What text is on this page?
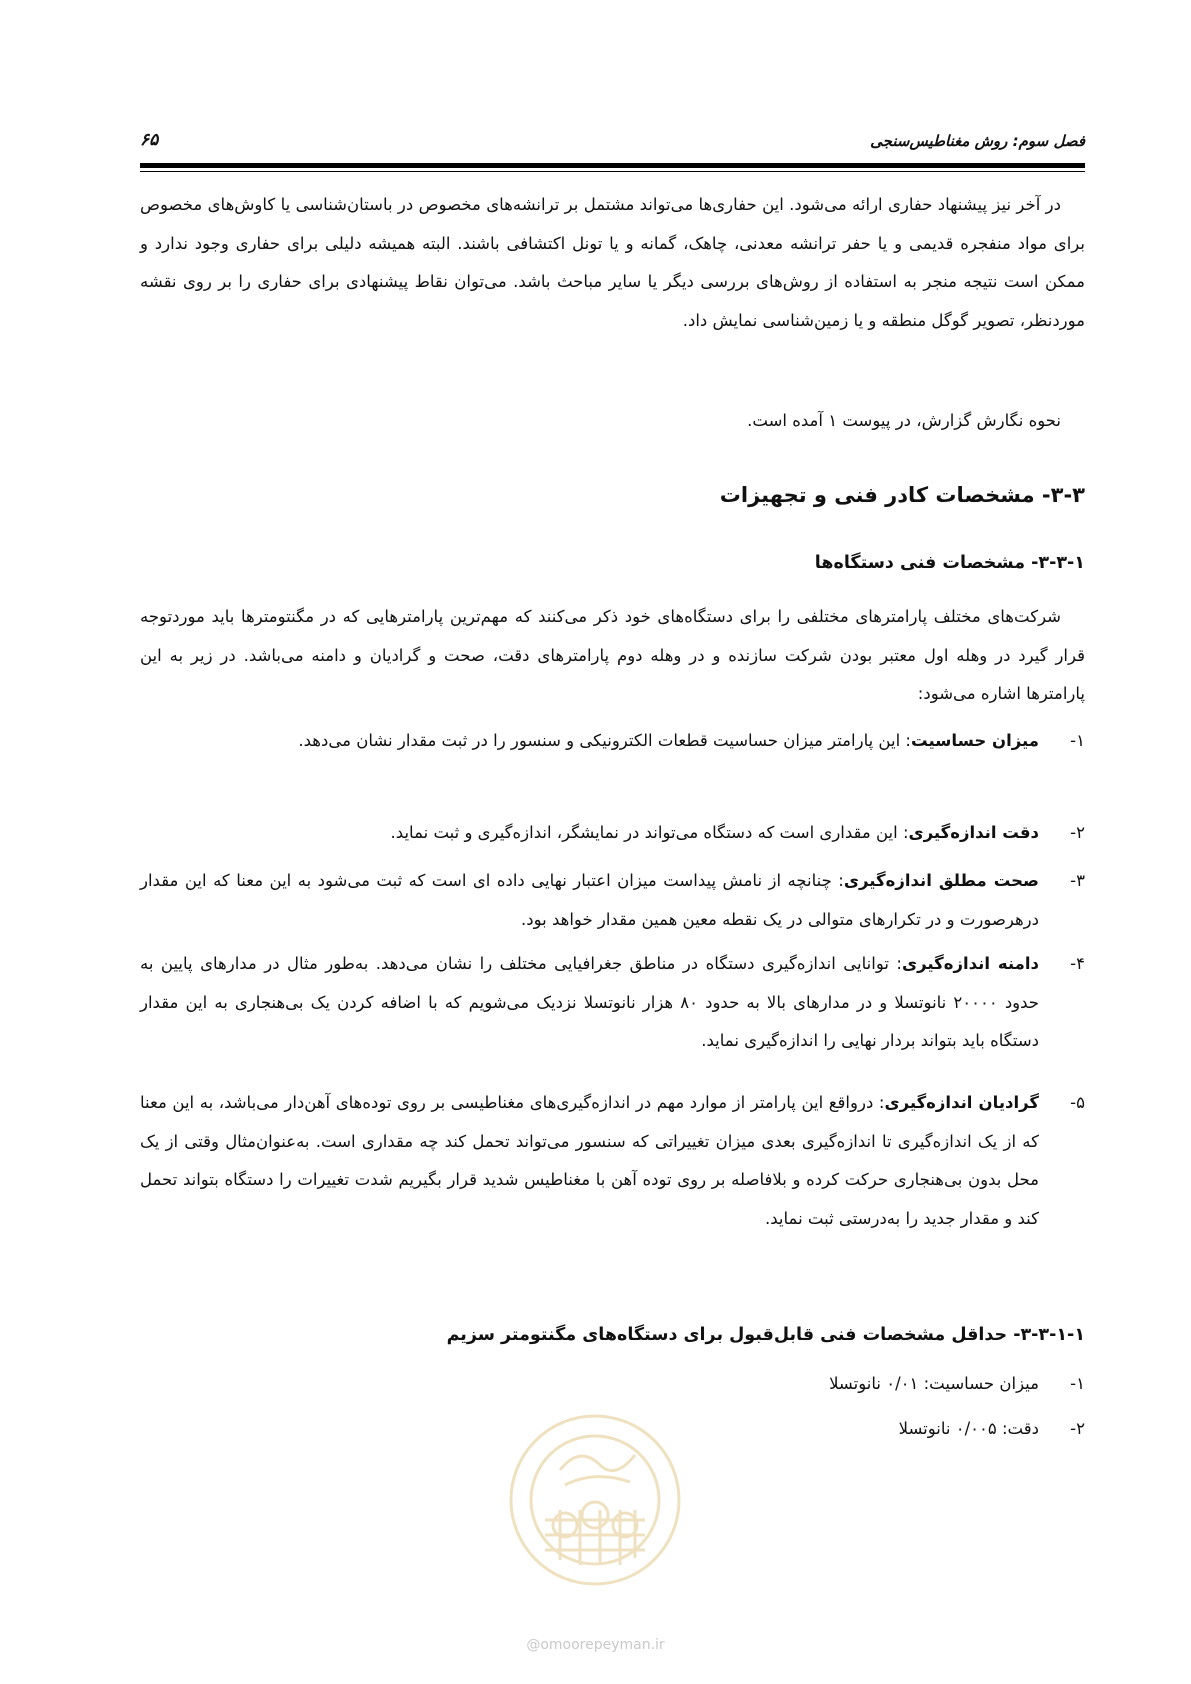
فصل سوم: روش مغناطیس‌سنجی
۶۵

در آخر نیز پیشنهاد حفاری ارائه می‌شود. این حفاری‌ها می‌تواند مشتمل بر ترانشه‌های مخصوص در باستان‌شناسی یا کاوش‌های مخصوص برای مواد منفجره قدیمی و یا حفر ترانشه معدنی، چاهک، گمانه و یا تونل اکتشافی باشند. البته همیشه دلیلی برای حفاری وجود ندارد و ممکن است نتیجه منجر به استفاده از روش‌های بررسی دیگر یا سایر مباحث باشد. می‌توان نقاط پیشنهادی برای حفاری را بر روی نقشه موردنظر، تصویر گوگل منطقه و یا زمین‌شناسی نمایش داد.

نحوه نگارش گزارش، در پیوست ۱ آمده است.

۳-۳- مشخصات کادر فنی و تجهیزات
۳-۳-۱- مشخصات فنی دستگاه‌ها

شرکت‌های مختلف پارامترهای مختلفی را برای دستگاه‌های خود ذکر می‌کنند که مهم‌ترین پارامترهایی که در مگنتومترها باید موردتوجه قرار گیرد در وهله اول معتبر بودن شرکت سازنده و در وهله دوم پارامترهای دقت، صحت و گرادیان و دامنه می‌باشد. در زیر به این پارامترها اشاره می‌شود:

۱-
میزان حساسیت: این پارامتر میزان حساسیت قطعات الکترونیکی و سنسور را در ثبت مقدار نشان می‌دهد.
۲-
دقت اندازه‌گیری: این مقداری است که دستگاه می‌تواند در نمایشگر، اندازه‌گیری و ثبت نماید.
۳-
صحت مطلق اندازه‌گیری: چنانچه از نامش پیداست میزان اعتبار نهایی داده ای است که ثبت می‌شود به این معنا که این مقدار درهرصورت و در تکرارهای متوالی در یک نقطه معین همین مقدار خواهد بود.
۴-
دامنه اندازه‌گیری: توانایی اندازه‌گیری دستگاه در مناطق جغرافیایی مختلف را نشان می‌دهد. به‌طور مثال در مدارهای پایین به حدود ۲۰۰۰۰ نانوتسلا و در مدارهای بالا به حدود ۸۰ هزار نانوتسلا نزدیک می‌شویم که با اضافه کردن یک بی‌هنجاری به این مقدار دستگاه باید بتواند بردار نهایی را اندازه‌گیری نماید.
۵-
گرادیان اندازه‌گیری: درواقع این پارامتر از موارد مهم در اندازه‌گیری‌های مغناطیسی بر روی توده‌های آهن‌دار می‌باشد، به این معنا که از یک اندازه‌گیری تا اندازه‌گیری بعدی میزان تغییراتی که سنسور می‌تواند تحمل کند چه مقداری است. به‌عنوان‌مثال وقتی از یک محل بدون بی‌هنجاری حرکت کرده و بلافاصله بر روی توده آهن با مغناطیس شدید قرار بگیریم شدت تغییرات را دستگاه بتواند تحمل کند و مقدار جدید را به‌درستی ثبت نماید.
۳-۳-۱-۱- حداقل مشخصات فنی قابل‌قبول برای دستگاه‌های مگنتومتر سزیم
۱-
میزان حساسیت: ۰/۰۱ نانوتسلا
۲-
دقت: ۰/۰۰۵ نانوتسلا
@omoorepeyman.ir
